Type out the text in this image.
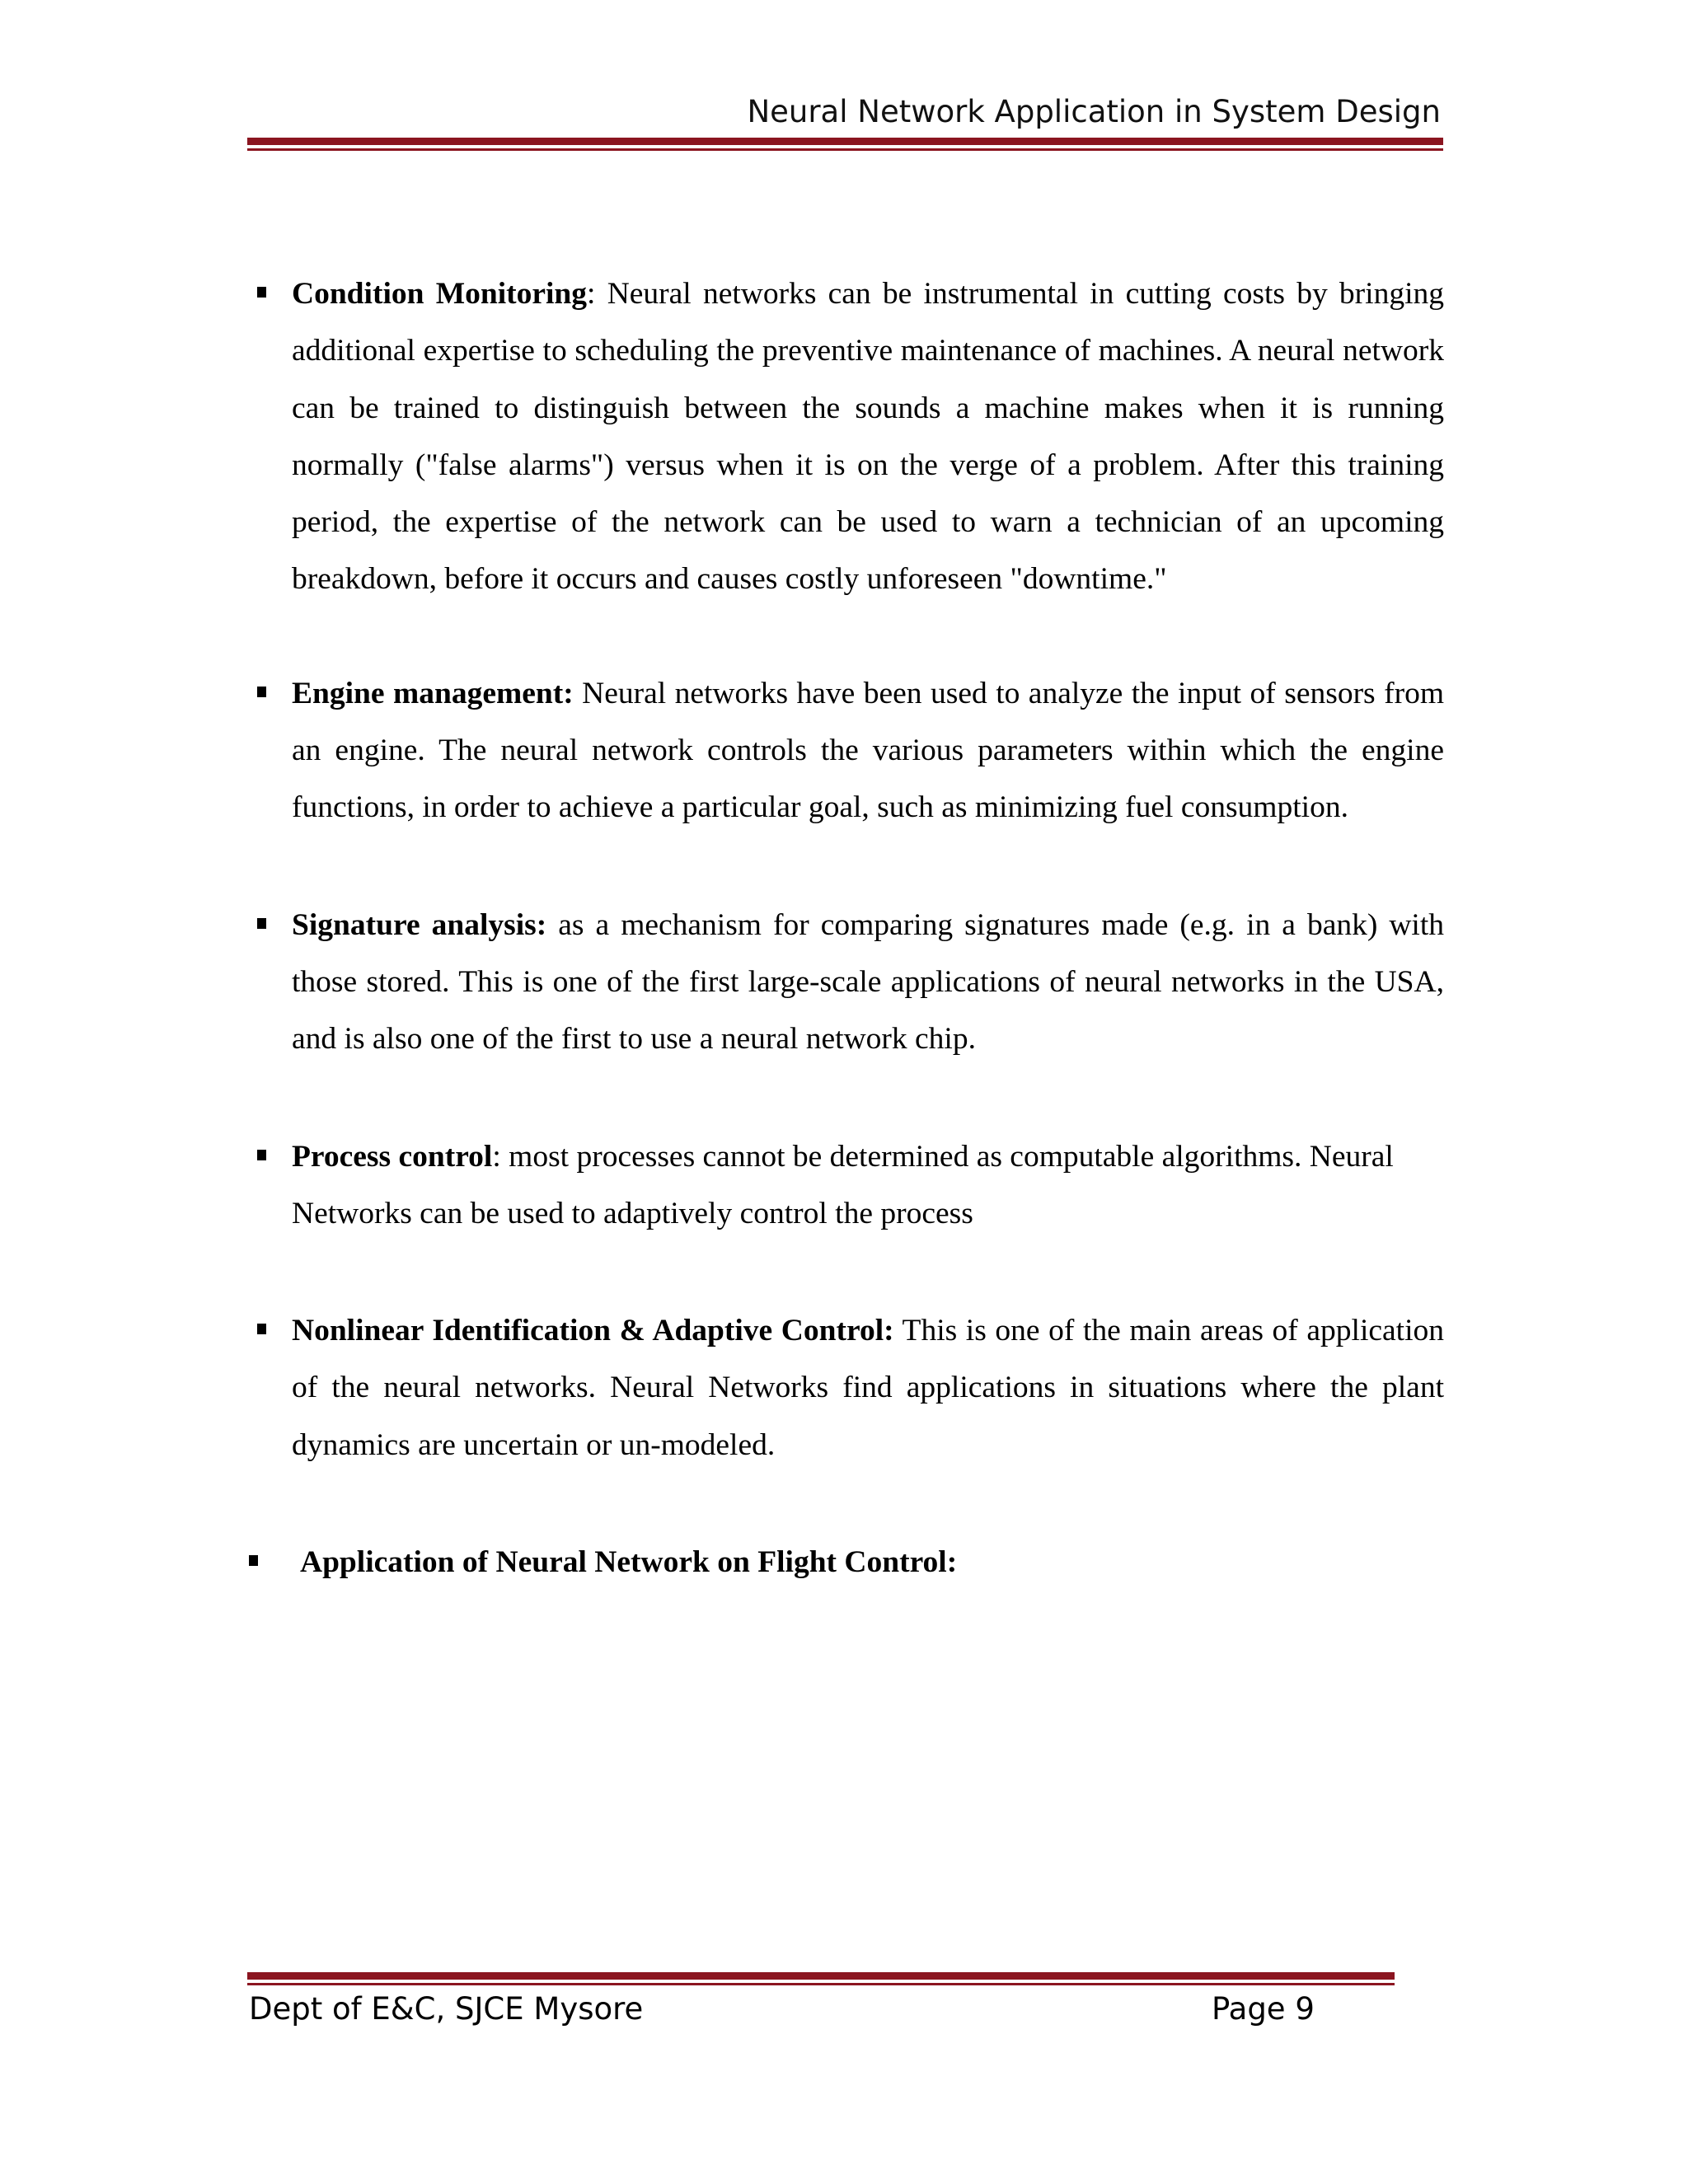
Neural Network Application in System Design
Condition Monitoring: Neural networks can be instrumental in cutting costs by bringing additional expertise to scheduling the preventive maintenance of machines. A neural network can be trained to distinguish between the sounds a machine makes when it is running normally ("false alarms") versus when it is on the verge of a problem. After this training period, the expertise of the network can be used to warn a technician of an upcoming breakdown, before it occurs and causes costly unforeseen "downtime."
Engine management: Neural networks have been used to analyze the input of sensors from an engine. The neural network controls the various parameters within which the engine functions, in order to achieve a particular goal, such as minimizing fuel consumption.
Signature analysis: as a mechanism for comparing signatures made (e.g. in a bank) with those stored. This is one of the first large-scale applications of neural networks in the USA, and is also one of the first to use a neural network chip.
Process control: most processes cannot be determined as computable algorithms. Neural Networks can be used to adaptively control the process
Nonlinear Identification & Adaptive Control: This is one of the main areas of application of the neural networks. Neural Networks find applications in situations where the plant dynamics are uncertain or un-modeled.
Application of Neural Network on Flight Control:
Dept of E&C, SJCE Mysore	Page 9
